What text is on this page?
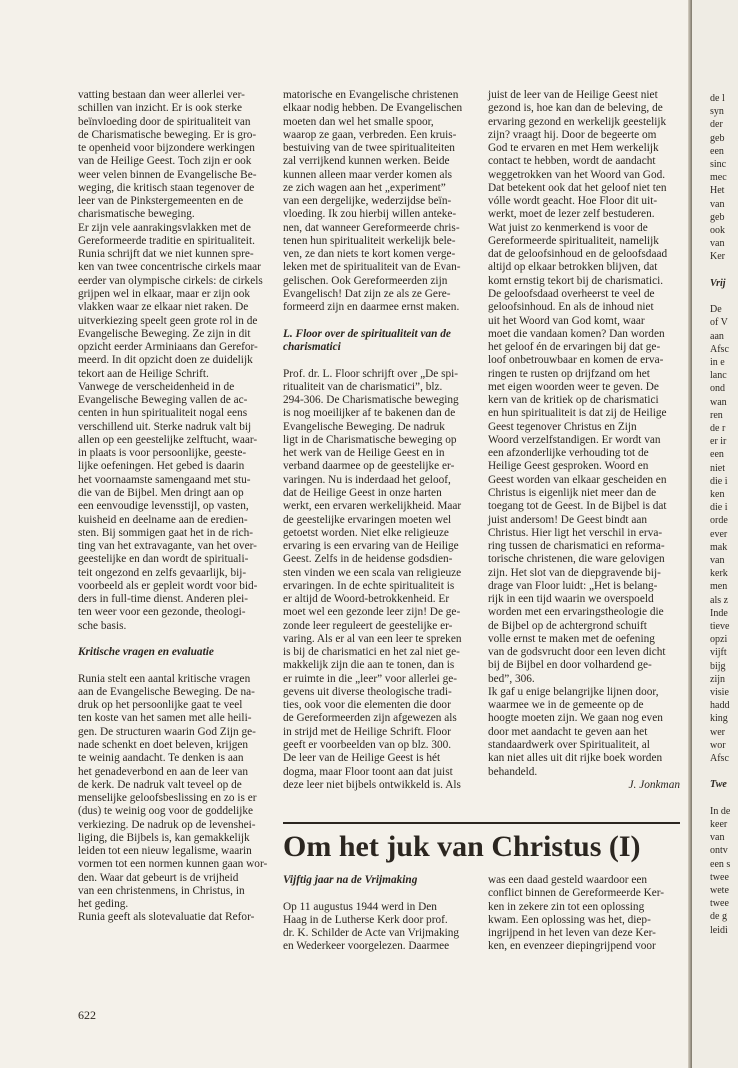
vatting bestaan dan weer allerlei ver-
schillen van inzicht. Er is ook sterke
beïnvloeding door de spiritualiteit van
de Charismatische beweging. Er is gro-
te openheid voor bijzondere werkingen
van de Heilige Geest. Toch zijn er ook
weer velen binnen de Evangelische Be-
weging, die kritisch staan tegenover de
leer van de Pinkstergemeenten en de
charismatische beweging.
Er zijn vele aanrakingsvlakken met de
Gereformeerde traditie en spiritualiteit.
Runia schrijft dat we niet kunnen spre-
ken van twee concentrische cirkels maar
eerder van olympische cirkels: de cirkels
grijpen wel in elkaar, maar er zijn ook
vlakken waar ze elkaar niet raken. De
uitverkiezing speelt geen grote rol in de
Evangelische Beweging. Ze zijn in dit
opzicht eerder Arminiaans dan Gerefor-
meerd. In dit opzicht doen ze duidelijk
tekort aan de Heilige Schrift.
Vanwege de verscheidenheid in de
Evangelische Beweging vallen de ac-
centen in hun spiritualiteit nogal eens
verschillend uit. Sterke nadruk valt bij
allen op een geestelijke zelftucht, waar-
in plaats is voor persoonlijke, geeste-
lijke oefeningen. Het gebed is daarin
het voornaamste samengaand met stu-
die van de Bijbel. Men dringt aan op
een eenvoudige levensstijl, op vasten,
kuisheid en deelname aan de eredien-
sten. Bij sommigen gaat het in de rich-
ting van het extravagante, van het over-
geestelijke en dan wordt de spirituali-
teit ongezond en zelfs gevaarlijk, bij-
voorbeeld als er gepleit wordt voor bid-
ders in full-time dienst. Anderen plei-
ten weer voor een gezonde, theologi-
sche basis.
Kritische vragen en evaluatie
Runia stelt een aantal kritische vragen
aan de Evangelische Beweging. De na-
druk op het persoonlijke gaat te veel
ten koste van het samen met alle heili-
gen. De structuren waarin God Zijn ge-
nade schenkt en doet beleven, krijgen
te weinig aandacht. Te denken is aan
het genadeverbond en aan de leer van
de kerk. De nadruk valt teveel op de
menselijke geloofsbeslissing en zo is er
(dus) te weinig oog voor de goddelijke
verkiezing. De nadruk op de levenshei-
liging, die Bijbels is, kan gemakkelijk
leiden tot een nieuw legalisme, waarin
vormen tot een normen kunnen gaan wor-
den. Waar dat gebeurt is de vrijheid
van een christenmens, in Christus, in
het geding.
Runia geeft als slotevaluatie dat Refor-
matorische en Evangelische christenen
elkaar nodig hebben. De Evangelischen
moeten dan wel het smalle spoor,
waarop ze gaan, verbreden. Een kruis-
bestuiving van de twee spiritualiteiten
zal verrijkend kunnen werken. Beide
kunnen alleen maar verder komen als
ze zich wagen aan het „experiment”
van een dergelijke, wederzijdse beïn-
vloeding. Ik zou hierbij willen anteke-
nen, dat wanneer Gereformeerde chris-
tenen hun spiritualiteit werkelijk bele-
ven, ze dan niets te kort komen verge-
leken met de spiritualiteit van de Evan-
gelischen. Ook Gereformeerden zijn
Evangelisch! Dat zijn ze als ze Gere-
formeerd zijn en daarmee ernst maken.
L. Floor over de spiritualiteit van de
charismatici
Prof. dr. L. Floor schrijft over „De spi-
ritualiteit van de charismatici”, blz.
294-306. De Charismatische beweging
is nog moeilijker af te bakenen dan de
Evangelische Beweging. De nadruk
ligt in de Charismatische beweging op
het werk van de Heilige Geest en in
verband daarmee op de geestelijke er-
varingen. Nu is inderdaad het geloof,
dat de Heilige Geest in onze harten
werkt, een ervaren werkelijkheid. Maar
de geestelijke ervaringen moeten wel
getoetst worden. Niet elke religieuze
ervaring is een ervaring van de Heilige
Geest. Zelfs in de heidense godsdien-
sten vinden we een scala van religieuze
ervaringen. In de echte spiritualiteit is
er altijd de Woord-betrokkenheid. Er
moet wel een gezonde leer zijn! De ge-
zonde leer reguleert de geestelijke er-
varing. Als er al van een leer te spreken
is bij de charismatici en het zal niet ge-
makkelijk zijn die aan te tonen, dan is
er ruimte in die „leer” voor allerlei ge-
gevens uit diverse theologische tradi-
ties, ook voor die elementen die door
de Gereformeerden zijn afgewezen als
in strijd met de Heilige Schrift. Floor
geeft er voorbeelden van op blz. 300.
De leer van de Heilige Geest is hét
dogma, maar Floor toont aan dat juist
deze leer niet bijbels ontwikkeld is. Als
juist de leer van de Heilige Geest niet
gezond is, hoe kan dan de beleving, de
ervaring gezond en werkelijk geestelijk
zijn? vraagt hij. Door de begeerte om
God te ervaren en met Hem werkelijk
contact te hebben, wordt de aandacht
weggetrokken van het Woord van God.
Dat betekent ook dat het geloof niet ten
vólle wordt geacht. Hoe Floor dit uit-
werkt, moet de lezer zelf bestuderen.
Wat juist zo kenmerkend is voor de
Gereformeerde spiritualiteit, namelijk
dat de geloofsinhoud en de geloofsdaad
altijd op elkaar betrokken blijven, dat
komt ernstig tekort bij de charismatici.
De geloofsdaad overheerst te veel de
geloofsinhoud. En als de inhoud niet
uit het Woord van God komt, waar
moet die vandaan komen? Dan worden
het geloof én de ervaringen bij dat ge-
loof onbetrouwbaar en komen de erva-
ringen te rusten op drijfzand om het
met eigen woorden weer te geven. De
kern van de kritiek op de charismatici
en hun spiritualiteit is dat zij de Heilige
Geest tegenover Christus en Zijn
Woord verzelfstandigen. Er wordt van
een afzonderlijke verhouding tot de
Heilige Geest gesproken. Woord en
Geest worden van elkaar gescheiden en
Christus is eigenlijk niet meer dan de
toegang tot de Geest. In de Bijbel is dat
juist andersom! De Geest bindt aan
Christus. Hier ligt het verschil in erva-
ring tussen de charismatici en reforma-
torische christenen, die ware gelovigen
zijn. Het slot van de diepgravende bij-
drage van Floor luidt: „Het is belang-
rijk in een tijd waarin we overspoeld
worden met een ervaringstheologie die
de Bijbel op de achtergrond schuift
volle ernst te maken met de oefening
van de godsvrucht door een leven dicht
bij de Bijbel en door volhardend ge-
bed”, 306.
Ik gaf u enige belangrijke lijnen door,
waarmee we in de gemeente op de
hoogte moeten zijn. We gaan nog even
door met aandacht te geven aan het
standaardwerk over Spiritualiteit, al
kan niet alles uit dit rijke boek worden
behandeld.
J. Jonkman
Om het juk van Christus (I)
Vijftig jaar na de Vrijmaking
Op 11 augustus 1944 werd in Den
Haag in de Lutherse Kerk door prof.
dr. K. Schilder de Acte van Vrijmaking
en Wederkeer voorgelezen. Daarmee
was een daad gesteld waardoor een
conflict binnen de Gereformeerde Ker-
ken in zekere zin tot een oplossing
kwam. Een oplossing was het, diep-
ingrijpend in het leven van deze Ker-
ken, en evenzeer diepingrijpend voor
622
de l
syn
der
geb
een
sinc
mec
Het
van
geb
ook
van
Ker
Vrij
De
of V
aan
Afsc
in e
lanc
ond
wan
ren
de r
er ir
een
niet
die i
ken
die i
orde
ever
mak
van
kerk
men
als z
Inde
tieve
opzi
vijft
bijg
zijn
visie
hadd
king
wer
wor
Afsc
Twe
In de
keer
van
ontv
een s
twee
wete
twee
de g
leidi
